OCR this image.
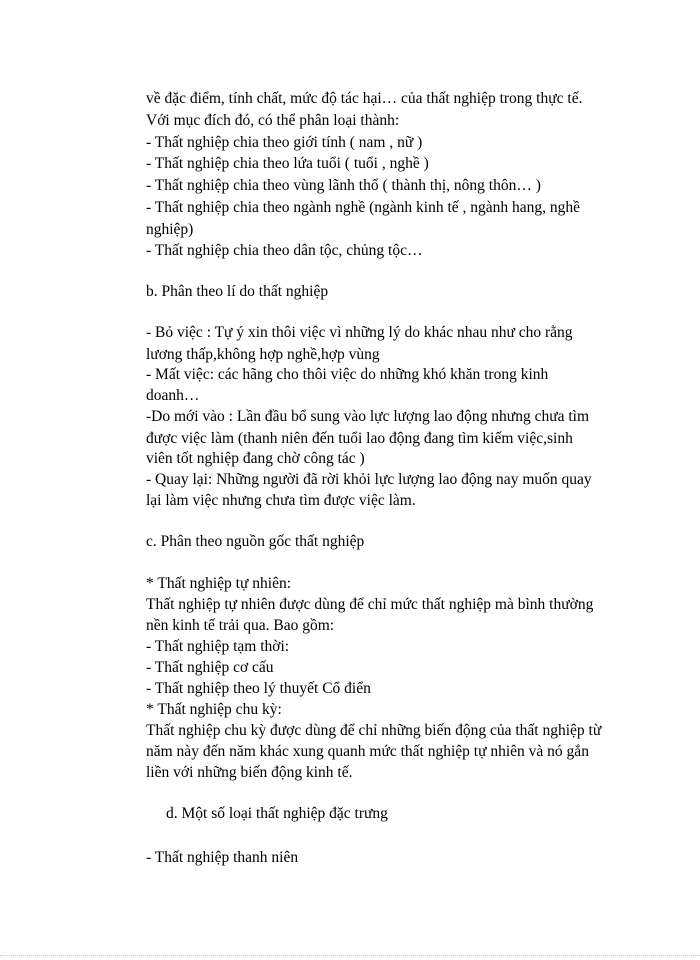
về đặc điểm, tính chất, mức độ tác hại… của thất nghiệp trong thực tế.
Với mục đích đó, có thể phân loại thành:
- Thất nghiệp chia theo giới tính ( nam , nữ )
- Thất nghiệp chia theo lứa tuổi ( tuổi , nghề )
- Thất nghiệp chia theo vùng lãnh thổ ( thành thị, nông thôn… )
- Thất nghiệp chia theo ngành nghề (ngành kinh tế , ngành hang, nghề
nghiệp)
- Thất nghiệp chia theo dân tộc, chủng tộc…
b. Phân theo lí do thất nghiệp
- Bỏ việc : Tự ý xin thôi việc vì những lý do khác nhau như cho rằng
lương thấp,không hợp nghề,hợp vùng
- Mất việc: các hãng cho thôi việc do những khó khăn trong kinh
doanh…
-Do mới vào : Lần đầu bổ sung vào lực lượng lao động nhưng chưa tìm
được việc làm (thanh niên đến tuổi lao động đang tìm kiếm việc,sinh
viên tốt nghiệp đang chờ công tác )
- Quay lại: Những người đã rời khỏi lực lượng lao động nay muốn quay
lại làm việc nhưng chưa tìm được việc làm.
c. Phân theo nguồn gốc thất nghiệp
* Thất nghiệp tự nhiên:
Thất nghiệp tự nhiên được dùng để chỉ mức thất nghiệp mà bình thường
nền kinh tế trải qua. Bao gồm:
- Thất nghiệp tạm thời:
- Thất nghiệp cơ cấu
- Thất nghiệp theo lý thuyết Cổ điển
* Thất nghiệp chu kỳ:
Thất nghiệp chu kỳ được dùng để chỉ những biến động của thất nghiệp từ
năm này đến năm khác xung quanh mức thất nghiệp tự nhiên và nó gắn
liền với những biến động kinh tế.
d. Một số loại thất nghiệp đặc trưng
- Thất nghiệp thanh niên
